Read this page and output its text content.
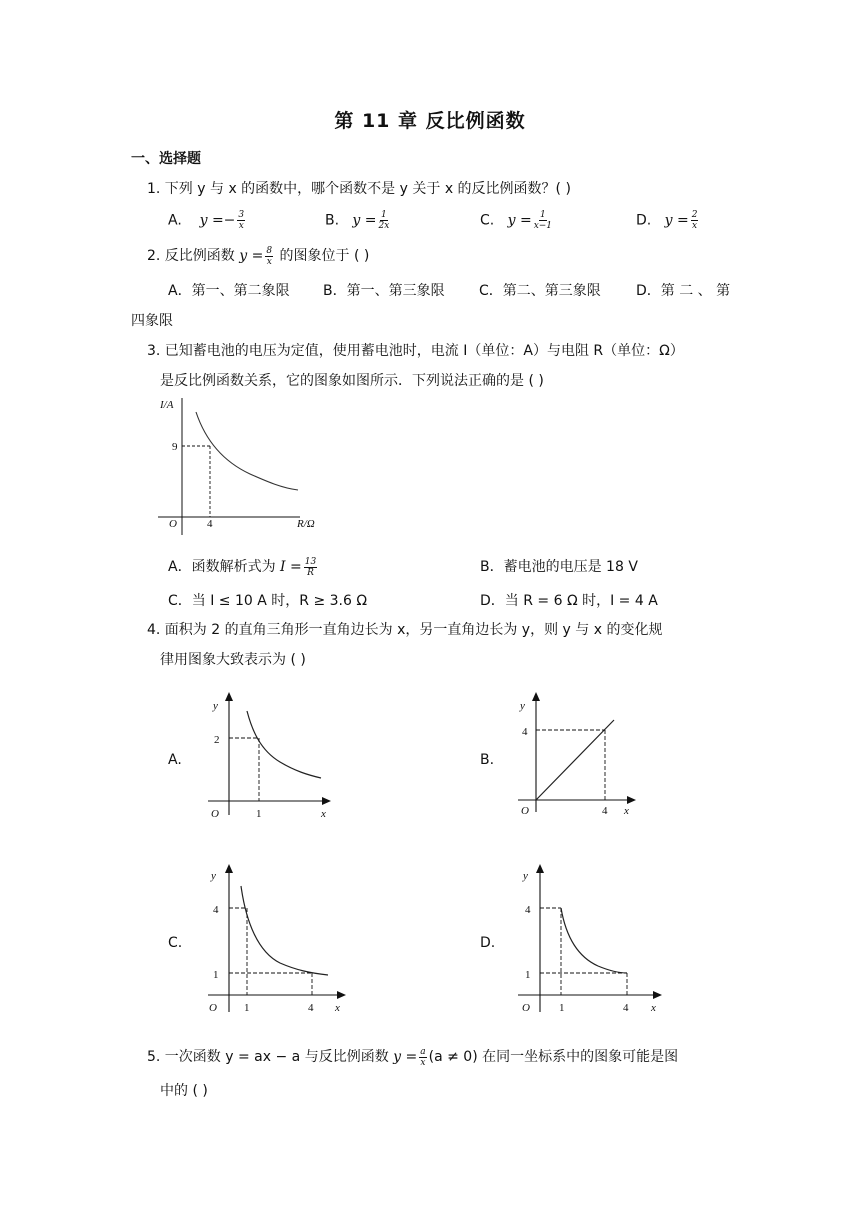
第 11 章 反比例函数
一、选择题
1. 下列 y 与 x 的函数中，哪个函数不是 y 关于 x 的反比例函数？( )
A. $y =- \frac{3}{x}$	B. $y = \frac{1}{2x}$	C. $y = \frac{1}{x-1}$	D. $y = \frac{2}{x}$
2. 反比例函数 $y = \frac{8}{x}$ 的图象位于 ( )
A．第一、第二象限 B．第一、第三象限 C．第二、第三象限	D．第 二 、 第
四象限
3. 已知蓄电池的电压为定值，使用蓄电池时，电流 I（单位：A）与电阻 R（单位：Ω）
是反比例函数关系，它的图象如图所示．下列说法正确的是 ( )
I/A
9
O	4	R/Ω
A．函数解析式为 $I = \frac{13}{R}$	B．蓄电池的电压是 18 V
C．当 I ≤ 10 A 时，R ≥ 3.6 Ω	D．当 R = 6 Ω 时，I = 4 A
4. 面积为 2 的直角三角形一直角边长为 x，另一直角边长为 y，则 y 与 x 的变化规
律用图象大致表示为 ( )
A.
y
2
O	1	x
B.
y
4
O	4 x
C.
y
4
1
O 1	4 x
D.
y
4
1
O	1	4 x
5. 一次函数 y = ax − a 与反比例函数 $y = \frac{a}{x} (a \ne 0)$ 在同一坐标系中的图象可能是图
中的 ( )
